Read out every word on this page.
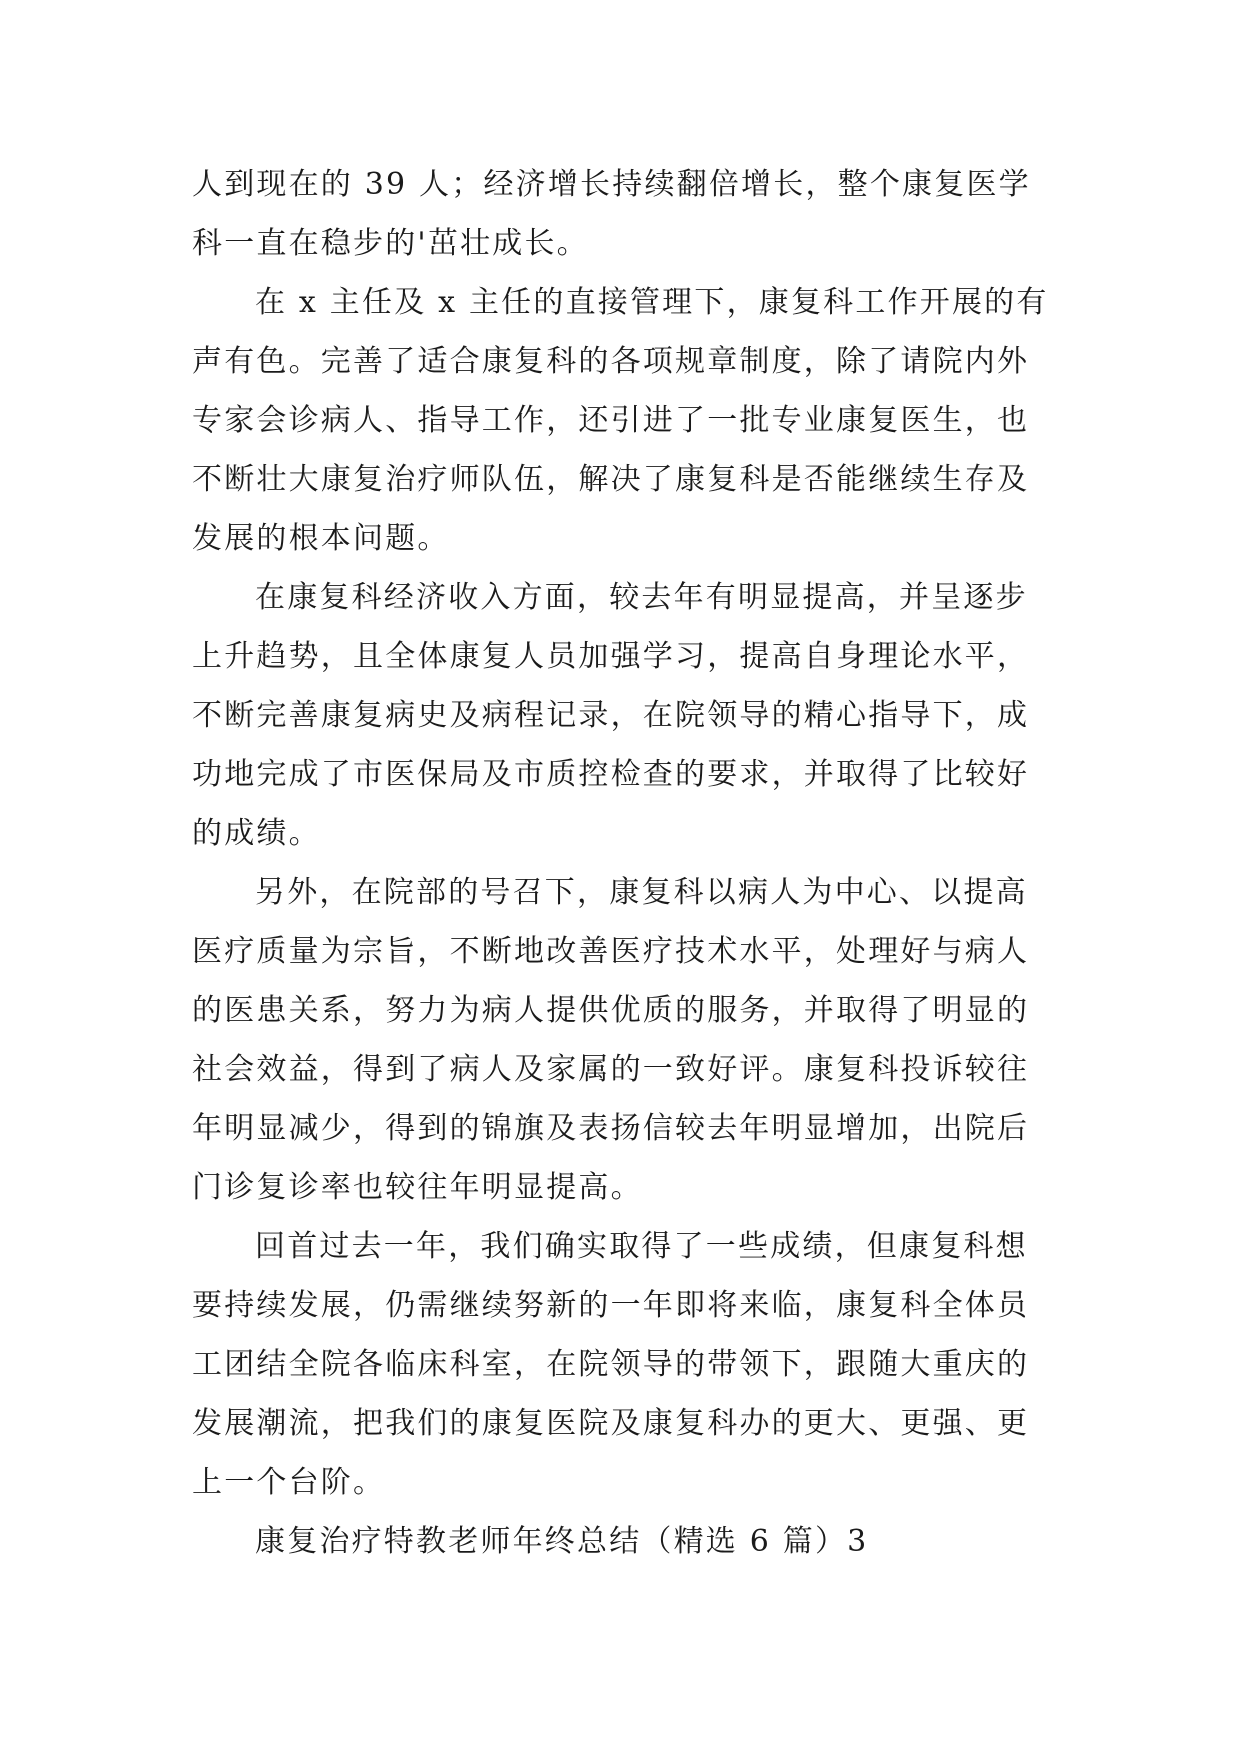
人到现在的 39 人；经济增长持续翻倍增长，整个康复医学
科一直在稳步的'茁壮成长。
在 x 主任及 x 主任的直接管理下，康复科工作开展的有
声有色。完善了适合康复科的各项规章制度，除了请院内外
专家会诊病人、指导工作，还引进了一批专业康复医生，也
不断壮大康复治疗师队伍，解决了康复科是否能继续生存及
发展的根本问题。
在康复科经济收入方面，较去年有明显提高，并呈逐步
上升趋势，且全体康复人员加强学习，提高自身理论水平，
不断完善康复病史及病程记录，在院领导的精心指导下，成
功地完成了市医保局及市质控检查的要求，并取得了比较好
的成绩。
另外，在院部的号召下，康复科以病人为中心、以提高
医疗质量为宗旨，不断地改善医疗技术水平，处理好与病人
的医患关系，努力为病人提供优质的服务，并取得了明显的
社会效益，得到了病人及家属的一致好评。康复科投诉较往
年明显减少，得到的锦旗及表扬信较去年明显增加，出院后
门诊复诊率也较往年明显提高。
回首过去一年，我们确实取得了一些成绩，但康复科想
要持续发展，仍需继续努新的一年即将来临，康复科全体员
工团结全院各临床科室，在院领导的带领下，跟随大重庆的
发展潮流，把我们的康复医院及康复科办的更大、更强、更
上一个台阶。
康复治疗特教老师年终总结（精选 6 篇）3
